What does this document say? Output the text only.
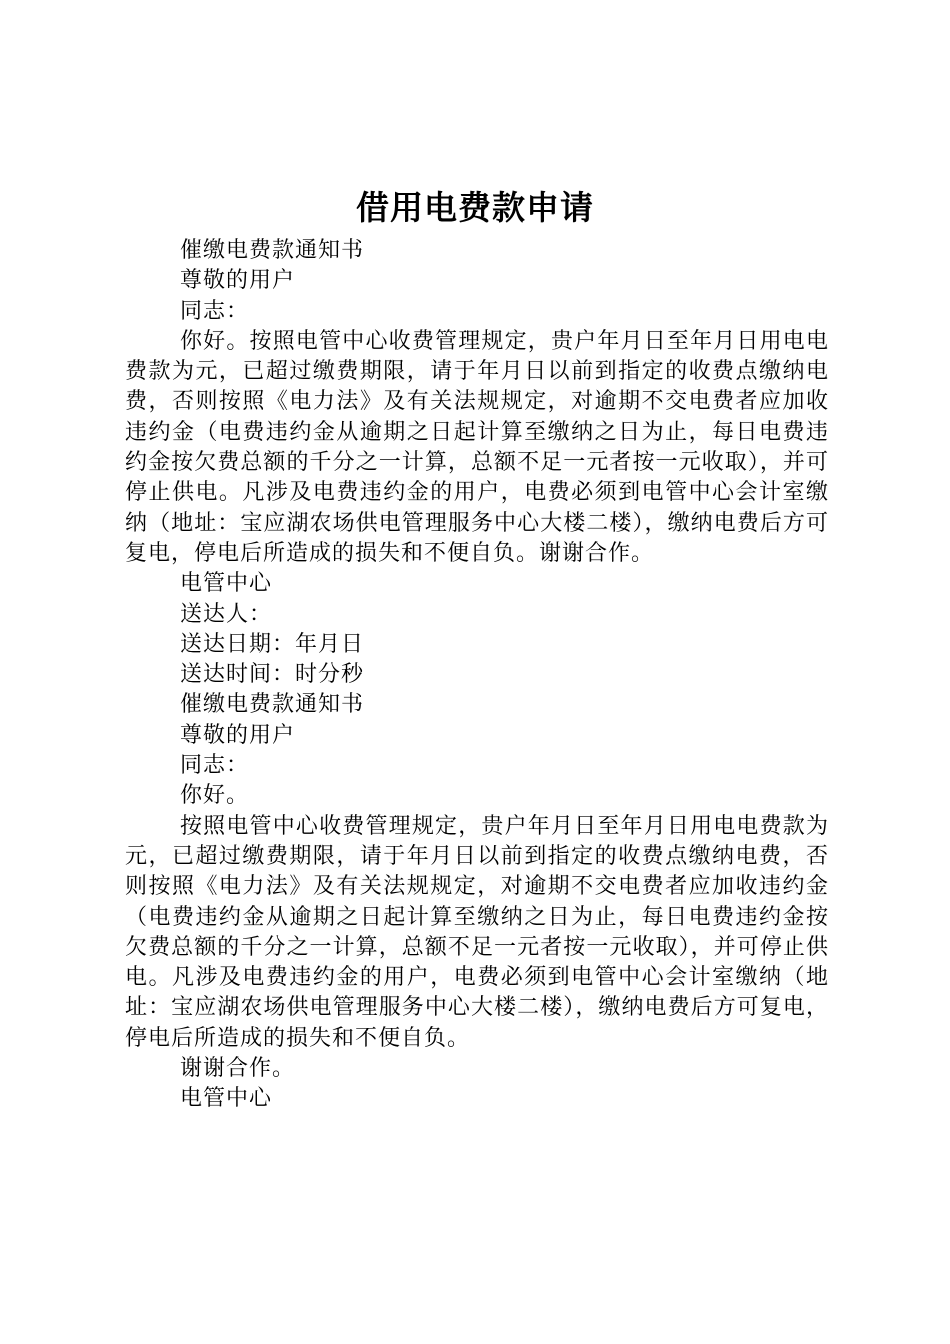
借用电费款申请

催缴电费款通知书

尊敬的用户

同志：

你好。按照电管中心收费管理规定，贵户年月日至年月日用电电费款为元，已超过缴费期限，请于年月日以前到指定的收费点缴纳电费，否则按照《电力法》及有关法规规定，对逾期不交电费者应加收违约金（电费违约金从逾期之日起计算至缴纳之日为止，每日电费违约金按欠费总额的千分之一计算，总额不足一元者按一元收取），并可停止供电。凡涉及电费违约金的用户，电费必须到电管中心会计室缴纳（地址：宝应湖农场供电管理服务中心大楼二楼），缴纳电费后方可复电，停电后所造成的损失和不便自负。谢谢合作。

电管中心

送达人：

送达日期：年月日

送达时间：时分秒

催缴电费款通知书

尊敬的用户

同志：

你好。

按照电管中心收费管理规定，贵户年月日至年月日用电电费款为元，已超过缴费期限，请于年月日以前到指定的收费点缴纳电费，否则按照《电力法》及有关法规规定，对逾期不交电费者应加收违约金（电费违约金从逾期之日起计算至缴纳之日为止，每日电费违约金按欠费总额的千分之一计算，总额不足一元者按一元收取），并可停止供电。凡涉及电费违约金的用户，电费必须到电管中心会计室缴纳（地址：宝应湖农场供电管理服务中心大楼二楼），缴纳电费后方可复电，停电后所造成的损失和不便自负。

谢谢合作。

电管中心
